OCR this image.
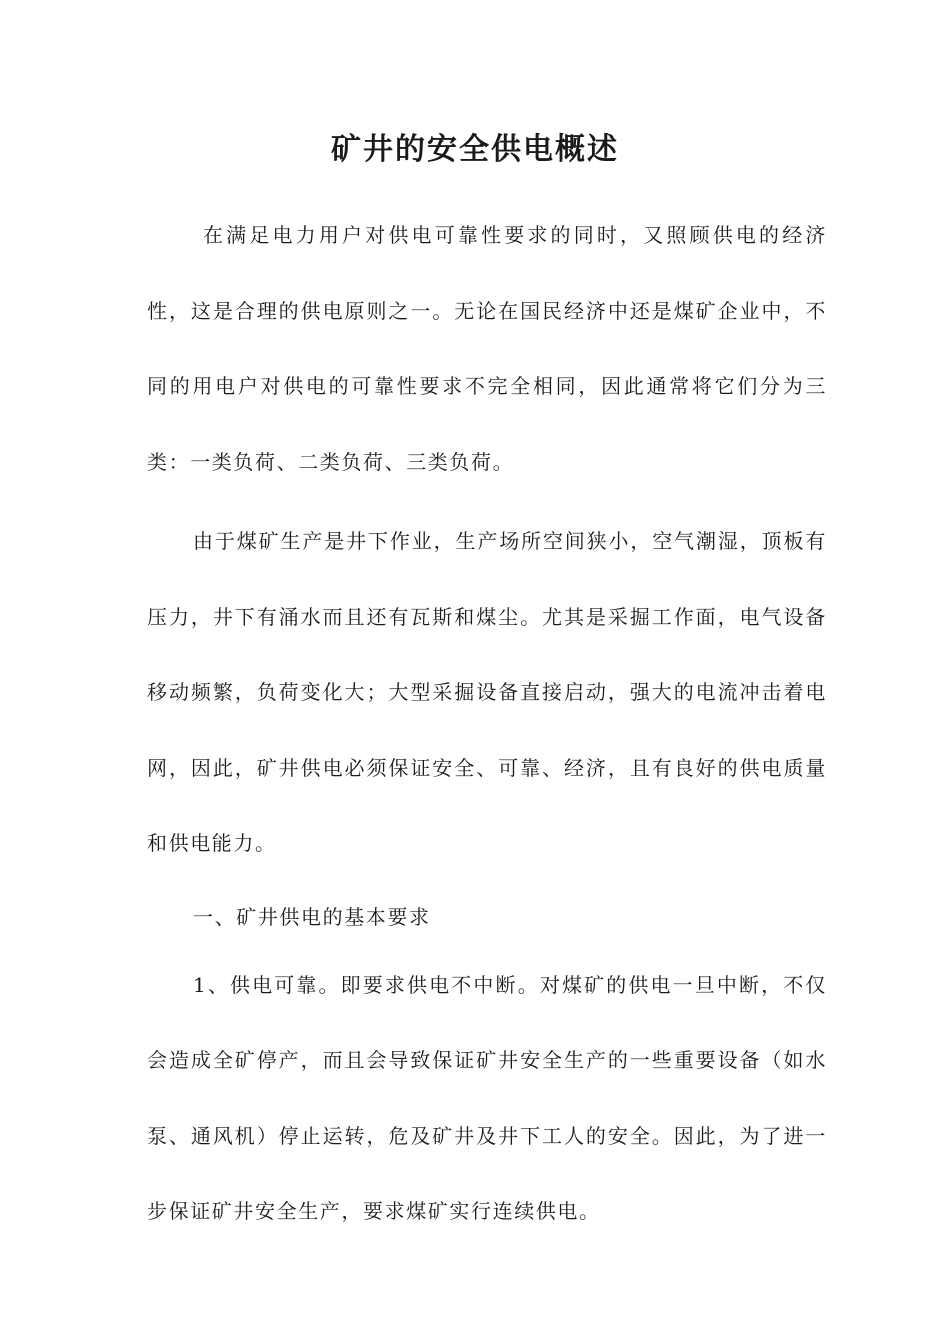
矿井的安全供电概述

在满足电力用户对供电可靠性要求的同时，又照顾供电的经济性，这是合理的供电原则之一。无论在国民经济中还是煤矿企业中，不同的用电户对供电的可靠性要求不完全相同，因此通常将它们分为三类：一类负荷、二类负荷、三类负荷。

由于煤矿生产是井下作业，生产场所空间狭小，空气潮湿，顶板有压力，井下有涌水而且还有瓦斯和煤尘。尤其是采掘工作面，电气设备移动频繁，负荷变化大；大型采掘设备直接启动，强大的电流冲击着电网，因此，矿井供电必须保证安全、可靠、经济，且有良好的供电质量和供电能力。

一、矿井供电的基本要求

1、供电可靠。即要求供电不中断。对煤矿的供电一旦中断，不仅会造成全矿停产，而且会导致保证矿井安全生产的一些重要设备（如水泵、通风机）停止运转，危及矿井及井下工人的安全。因此，为了进一步保证矿井安全生产，要求煤矿实行连续供电。
